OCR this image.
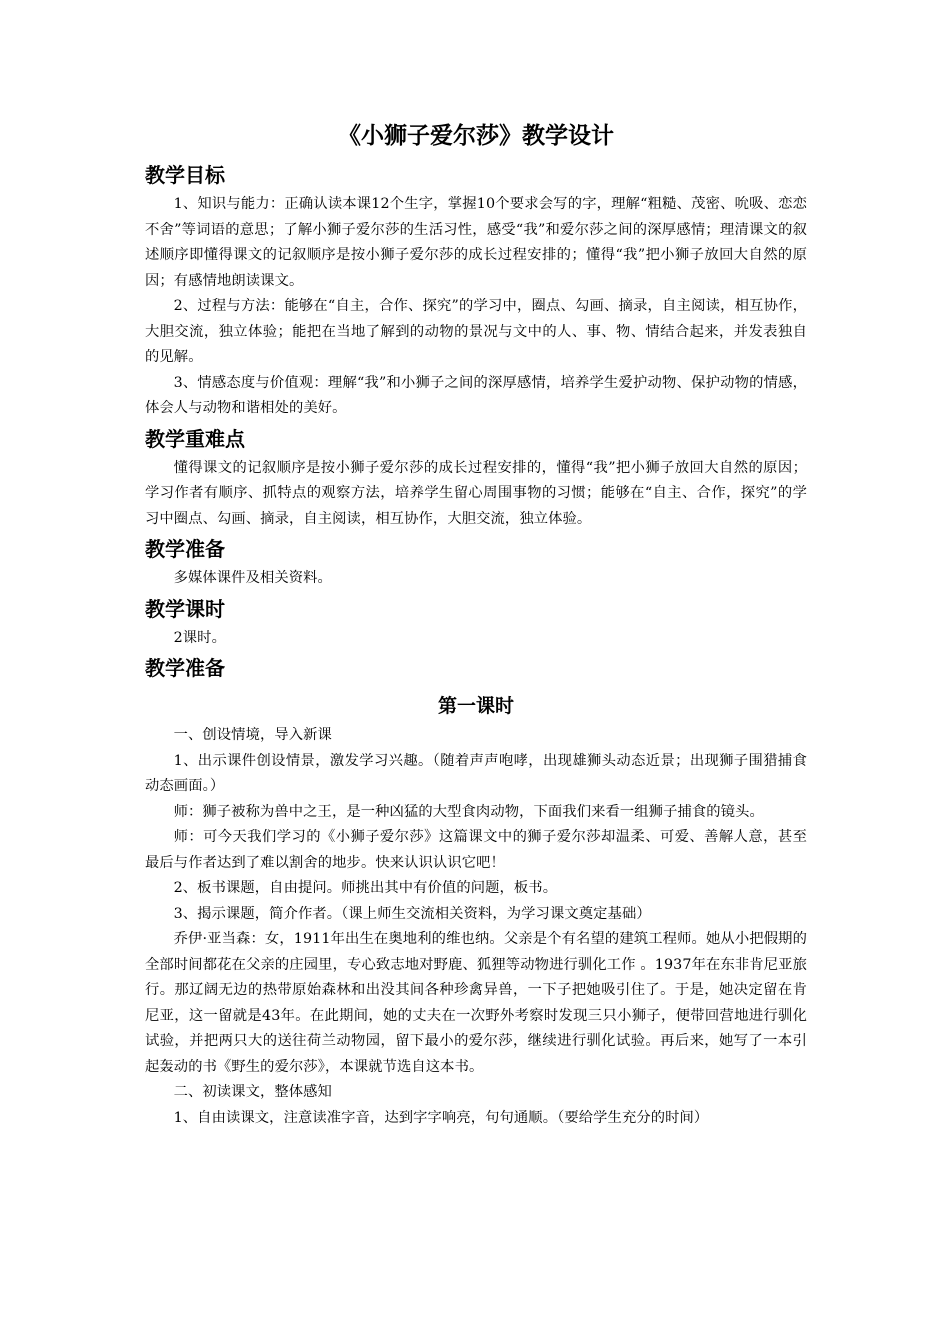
《小狮子爱尔莎》教学设计
教学目标

1、知识与能力：正确认读本课12个生字，掌握10个要求会写的字，理解“粗糙、茂密、吮吸、恋恋不舍”等词语的意思；了解小狮子爱尔莎的生活习性，感受“我”和爱尔莎之间的深厚感情；理清课文的叙述顺序即懂得课文的记叙顺序是按小狮子爱尔莎的成长过程安排的；懂得“我”把小狮子放回大自然的原因；有感情地朗读课文。

2、过程与方法：能够在“自主，合作、探究”的学习中，圈点、勾画、摘录，自主阅读，相互协作，大胆交流，独立体验；能把在当地了解到的动物的景况与文中的人、事、物、情结合起来，并发表独自的见解。

3、情感态度与价值观：理解“我”和小狮子之间的深厚感情，培养学生爱护动物、保护动物的情感，体会人与动物和谐相处的美好。

教学重难点

懂得课文的记叙顺序是按小狮子爱尔莎的成长过程安排的，懂得“我”把小狮子放回大自然的原因；学习作者有顺序、抓特点的观察方法，培养学生留心周围事物的习惯；能够在“自主、合作，探究”的学习中圈点、勾画、摘录，自主阅读，相互协作，大胆交流，独立体验。

教学准备

多媒体课件及相关资料。

教学课时

2课时。

教学准备
第一课时

一、创设情境，导入新课

1、出示课件创设情景，激发学习兴趣。（随着声声咆哮，出现雄狮头动态近景；出现狮子围猎捕食动态画面。）

师：狮子被称为兽中之王，是一种凶猛的大型食肉动物，下面我们来看一组狮子捕食的镜头。

师：可今天我们学习的《小狮子爱尔莎》这篇课文中的狮子爱尔莎却温柔、可爱、善解人意，甚至最后与作者达到了难以割舍的地步。快来认识认识它吧！

2、板书课题，自由提问。师挑出其中有价值的问题，板书。

3、揭示课题，简介作者。（课上师生交流相关资料，为学习课文奠定基础）

乔伊·亚当森：女，1911年出生在奥地利的维也纳。父亲是个有名望的建筑工程师。她从小把假期的全部时间都花在父亲的庄园里，专心致志地对野鹿、狐狸等动物进行驯化工作 。1937年在东非肯尼亚旅行。那辽阔无边的热带原始森林和出没其间各种珍禽异兽，一下子把她吸引住了。于是，她决定留在肯尼亚，这一留就是43年。在此期间，她的丈夫在一次野外考察时发现三只小狮子，便带回营地进行驯化试验，并把两只大的送往荷兰动物园，留下最小的爱尔莎，继续进行驯化试验。再后来，她写了一本引起轰动的书《野生的爱尔莎》，本课就节选自这本书。

二、初读课文，整体感知

1、自由读课文，注意读准字音，达到字字响亮，句句通顺。（要给学生充分的时间）
